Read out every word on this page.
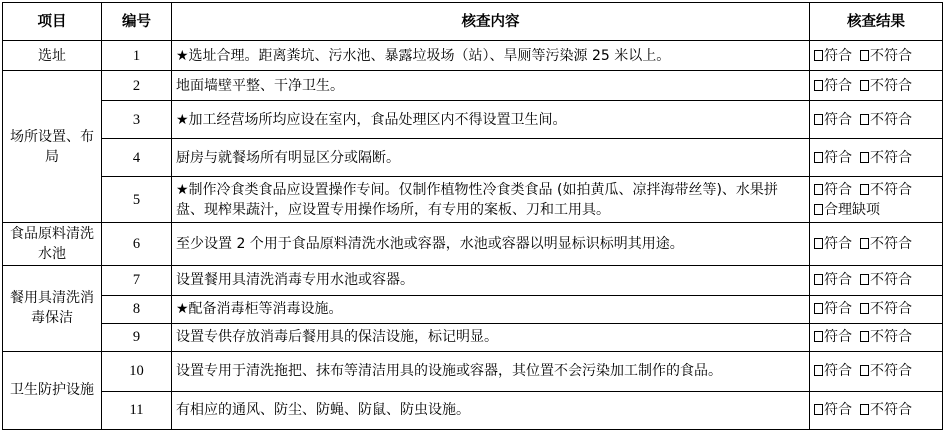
项目	编号	核查内容	核查结果
选址	1	★选址合理。距离粪坑、污水池、暴露垃圾场（站）、旱厕等污染源 25 米以上。	符合 不符合
场所设置、布局	2	地面墙壁平整、干净卫生。	符合 不符合
	3	★加工经营场所均应设在室内，食品处理区内不得设置卫生间。	符合 不符合
	4	厨房与就餐场所有明显区分或隔断。	符合 不符合
	5	★制作冷食类食品应设置操作专间。仅制作植物性冷食类食品 (如拍黄瓜、凉拌海带丝等)、水果拼盘、现榨果蔬汁，应设置专用操作场所，有专用的案板、刀和工用具。	符合 不符合
合理缺项
食品原料清洗水池	6	至少设置 2 个用于食品原料清洗水池或容器，水池或容器以明显标识标明其用途。	符合 不符合
餐用具清洗消毒保洁	7	设置餐用具清洗消毒专用水池或容器。	符合 不符合
	8	★配备消毒柜等消毒设施。	符合 不符合
	9	设置专供存放消毒后餐用具的保洁设施，标记明显。	符合 不符合
卫生防护设施	10	设置专用于清洗拖把、抹布等清洁用具的设施或容器，其位置不会污染加工制作的食品。	符合 不符合
	11	有相应的通风、防尘、防蝇、防鼠、防虫设施。	符合 不符合
